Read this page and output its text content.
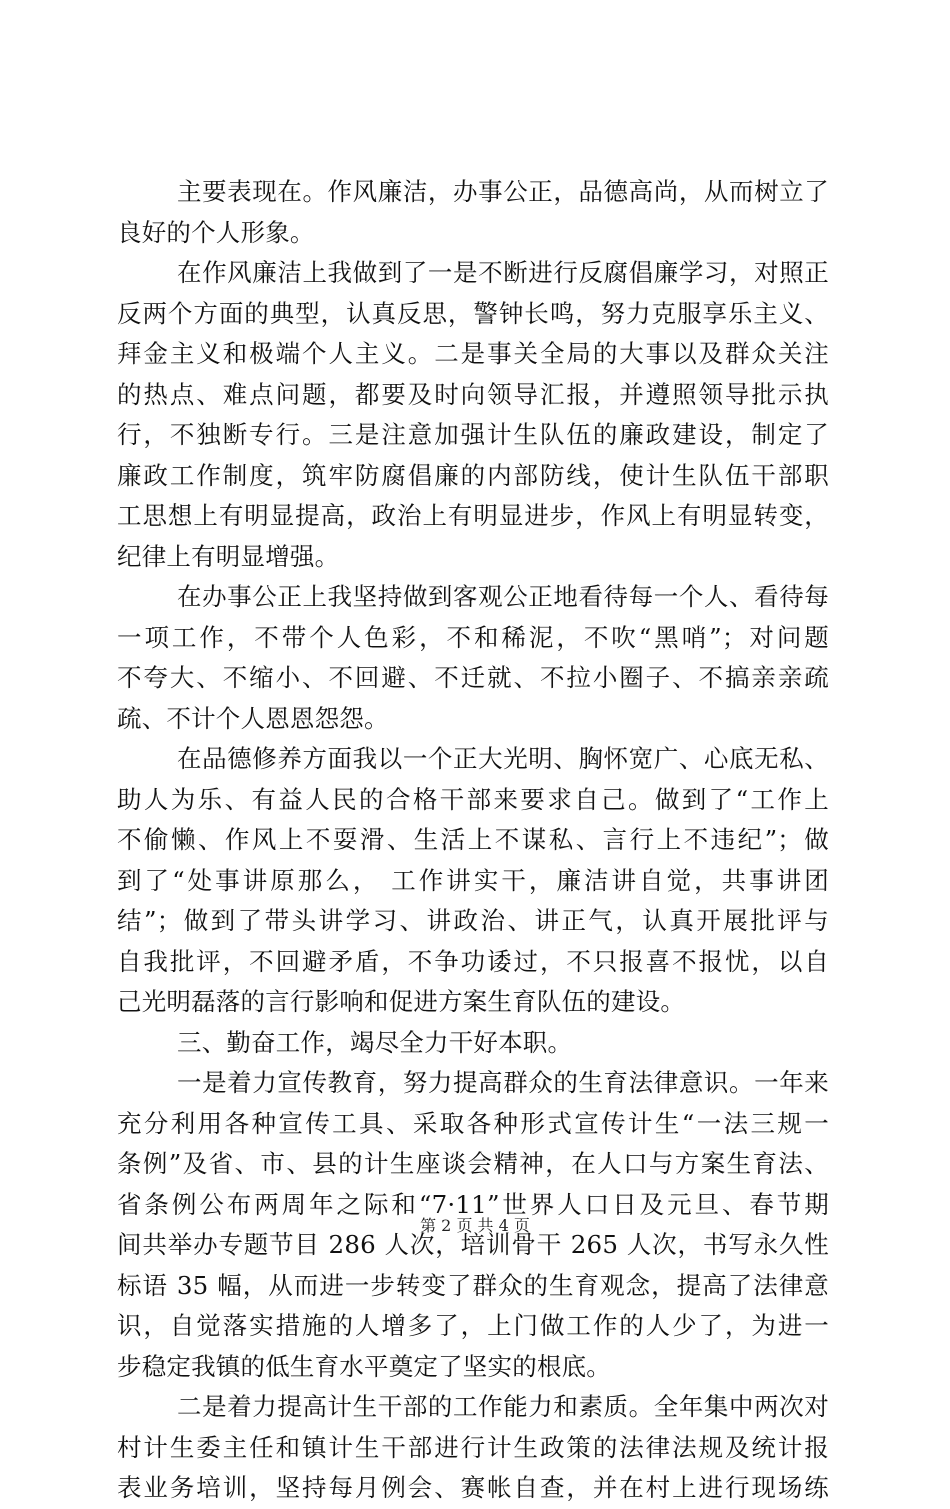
主要表现在。作风廉洁，办事公正，品德高尚，从而树立了
良好的个人形象。
在作风廉洁上我做到了一是不断进行反腐倡廉学习，对照正
反两个方面的典型，认真反思，警钟长鸣，努力克服享乐主义、
拜金主义和极端个人主义。二是事关全局的大事以及群众关注
的热点、难点问题，都要及时向领导汇报，并遵照领导批示执
行，不独断专行。三是注意加强计生队伍的廉政建设，制定了
廉政工作制度，筑牢防腐倡廉的内部防线，使计生队伍干部职
工思想上有明显提高，政治上有明显进步，作风上有明显转变，
纪律上有明显增强。
在办事公正上我坚持做到客观公正地看待每一个人、看待每
一项工作，不带个人色彩，不和稀泥，不吹“黑哨”；对问题
不夸大、不缩小、不回避、不迁就、不拉小圈子、不搞亲亲疏
疏、不计个人恩恩怨怨。
在品德修养方面我以一个正大光明、胸怀宽广、心底无私、
助人为乐、有益人民的合格干部来要求自己。做到了“工作上
不偷懒、作风上不耍滑、生活上不谋私、言行上不违纪”；做
到了“处事讲原那么， 工作讲实干，廉洁讲自觉，共事讲团
结”；做到了带头讲学习、讲政治、讲正气，认真开展批评与
自我批评，不回避矛盾，不争功诿过，不只报喜不报忧，以自
己光明磊落的言行影响和促进方案生育队伍的建设。
三、勤奋工作，竭尽全力干好本职。
一是着力宣传教育，努力提高群众的生育法律意识。一年来
充分利用各种宣传工具、采取各种形式宣传计生“一法三规一
条例”及省、市、县的计生座谈会精神，在人口与方案生育法、
省条例公布两周年之际和“7·11”世界人口日及元旦、春节期
间共举办专题节目 286 人次，培训骨干 265 人次，书写永久性
标语 35 幅，从而进一步转变了群众的生育观念，提高了法律意
识，自觉落实措施的人增多了，上门做工作的人少了，为进一
步稳定我镇的低生育水平奠定了坚实的根底。
二是着力提高计生干部的工作能力和素质。全年集中两次对
村计生委主任和镇计生干部进行计生政策的法律法规及统计报
表业务培训，坚持每月例会、赛帐自查，并在村上进行现场练
第 2 页 共 4 页
